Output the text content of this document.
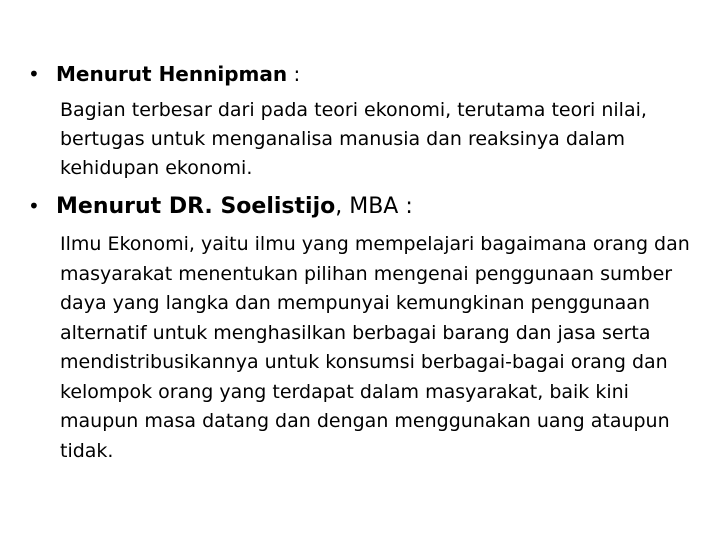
• Menurut Hennipman :

Bagian terbesar dari pada teori ekonomi, terutama teori nilai, bertugas untuk menganalisa manusia dan reaksinya dalam kehidupan ekonomi.

• Menurut DR. Soelistijo, MBA :

Ilmu Ekonomi, yaitu ilmu yang mempelajari bagaimana orang dan masyarakat menentukan pilihan mengenai penggunaan sumber daya yang langka dan mempunyai kemungkinan penggunaan alternatif untuk menghasilkan berbagai barang dan jasa serta mendistribusikannya untuk konsumsi berbagai-bagai orang dan kelompok orang yang terdapat dalam masyarakat, baik kini maupun masa datang dan dengan menggunakan uang ataupun tidak.
